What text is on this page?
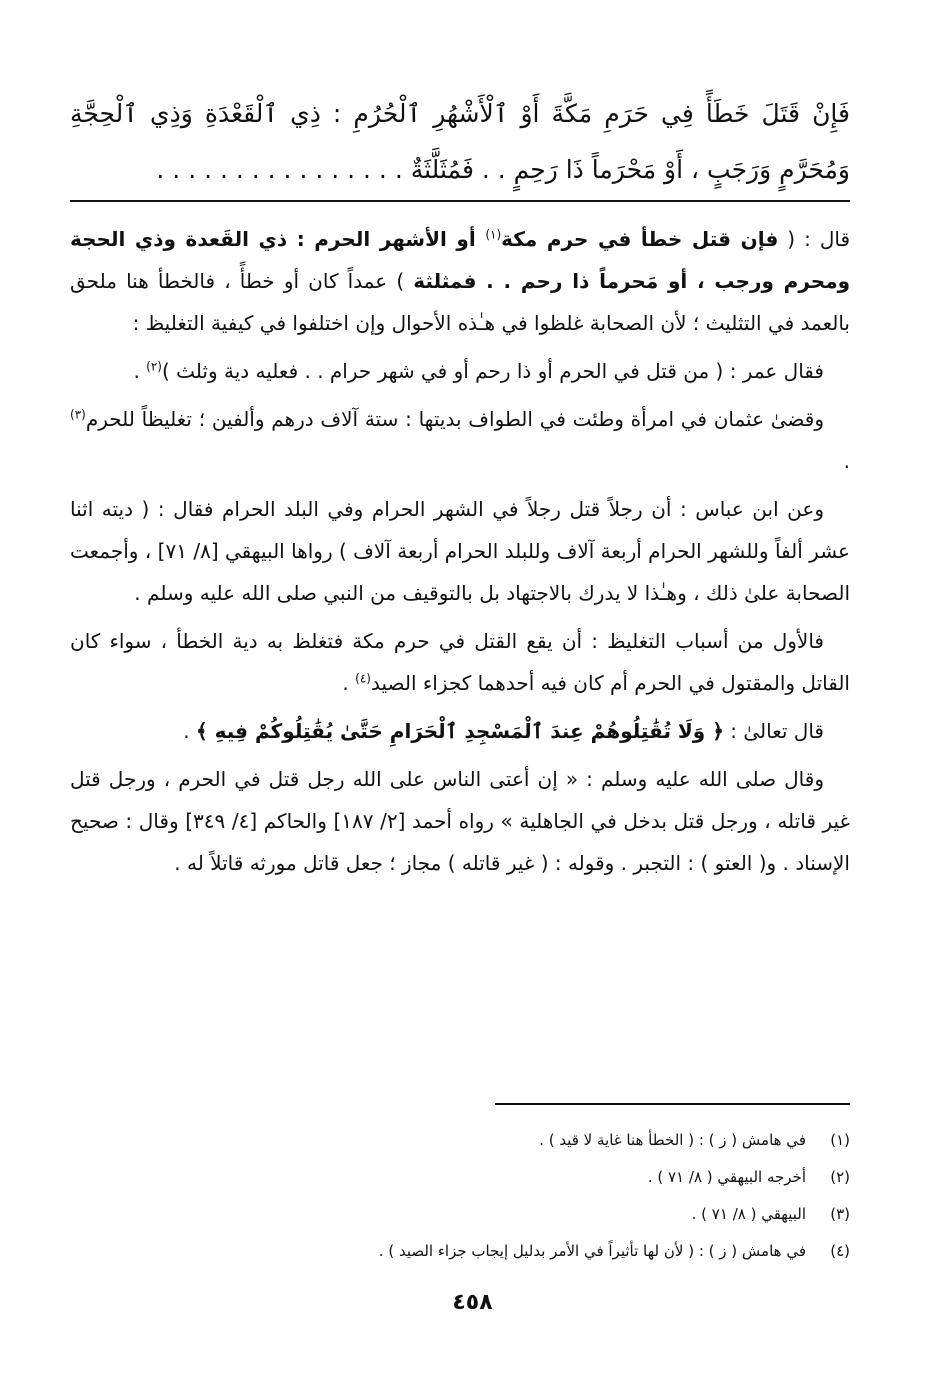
فَإِنْ قَتَلَ خَطَأً فِي حَرَمِ مَكَّةَ أَوْ ٱلْأَشْهُرِ ٱلْحُرُمِ : ذِي ٱلْقَعْدَةِ وَذِي ٱلْحِجَّةِ وَمُحَرَّمٍ وَرَجَبٍ ، أَوْ مَحْرَماً ذَا رَحِمٍ . . فَمُثَلَّثَةٌ . . . . . . . . . . . . . . . .

قال : ( فإن قتل خطأ في حرم مكة$^{(١)}$ أو الأشهر الحرم : ذي القَعدة وذي الحجة ومحرم ورجب ، أو مَحرماً ذا رحم . . فمثلثة ) عمداً كان أو خطأً ، فالخطأ هنا ملحق بالعمد في التثليث ؛ لأن الصحابة غلظوا في هـٰذه الأحوال وإن اختلفوا في كيفية التغليظ :

فقال عمر : ( من قتل في الحرم أو ذا رحم أو في شهر حرام . . فعليه دية وثلث )$^{(٢)}$ .

وقضىٰ عثمان في امرأة وطئت في الطواف بديتها : ستة آلاف درهم وألفين ؛ تغليظاً للحرم$^{(٣)}$ .

وعن ابن عباس : أن رجلاً قتل رجلاً في الشهر الحرام وفي البلد الحرام فقال : ( ديته اثنا عشر ألفاً وللشهر الحرام أربعة آلاف وللبلد الحرام أربعة آلاف ) رواها البيهقي [٨/ ٧١] ، وأجمعت الصحابة علىٰ ذلك ، وهـٰذا لا يدرك بالاجتهاد بل بالتوقيف من النبي صلى الله عليه وسلم .

فالأول من أسباب التغليظ : أن يقع القتل في حرم مكة فتغلظ به دية الخطأ ، سواء كان القاتل والمقتول في الحرم أم كان فيه أحدهما كجزاء الصيد$^{(٤)}$ .

قال تعالىٰ : ﴿ وَلَا تُقَٰتِلُوهُمْ عِندَ ٱلْمَسْجِدِ ٱلْحَرَامِ حَتَّىٰ يُقَٰتِلُوكُمْ فِيهِ ﴾ .

وقال صلى الله عليه وسلم : « إن أعتى الناس على الله رجل قتل في الحرم ، ورجل قتل غير قاتله ، ورجل قتل بدخل في الجاهلية » رواه أحمد [٢/ ١٨٧] والحاكم [٤/ ٣٤٩] وقال : صحيح الإسناد . و( العتو ) : التجبر . وقوله : ( غير قاتله ) مجاز ؛ جعل قاتل مورثه قاتلاً له .

(١)
في هامش ( ز ) : ( الخطأ هنا غاية لا قيد ) .
(٢)
أخرجه البيهقي ( ٨/ ٧١ ) .
(٣)
البيهقي ( ٨/ ٧١ ) .
(٤)
في هامش ( ز ) : ( لأن لها تأثيراً في الأمر بدليل إيجاب جزاء الصيد ) .
٤٥٨
